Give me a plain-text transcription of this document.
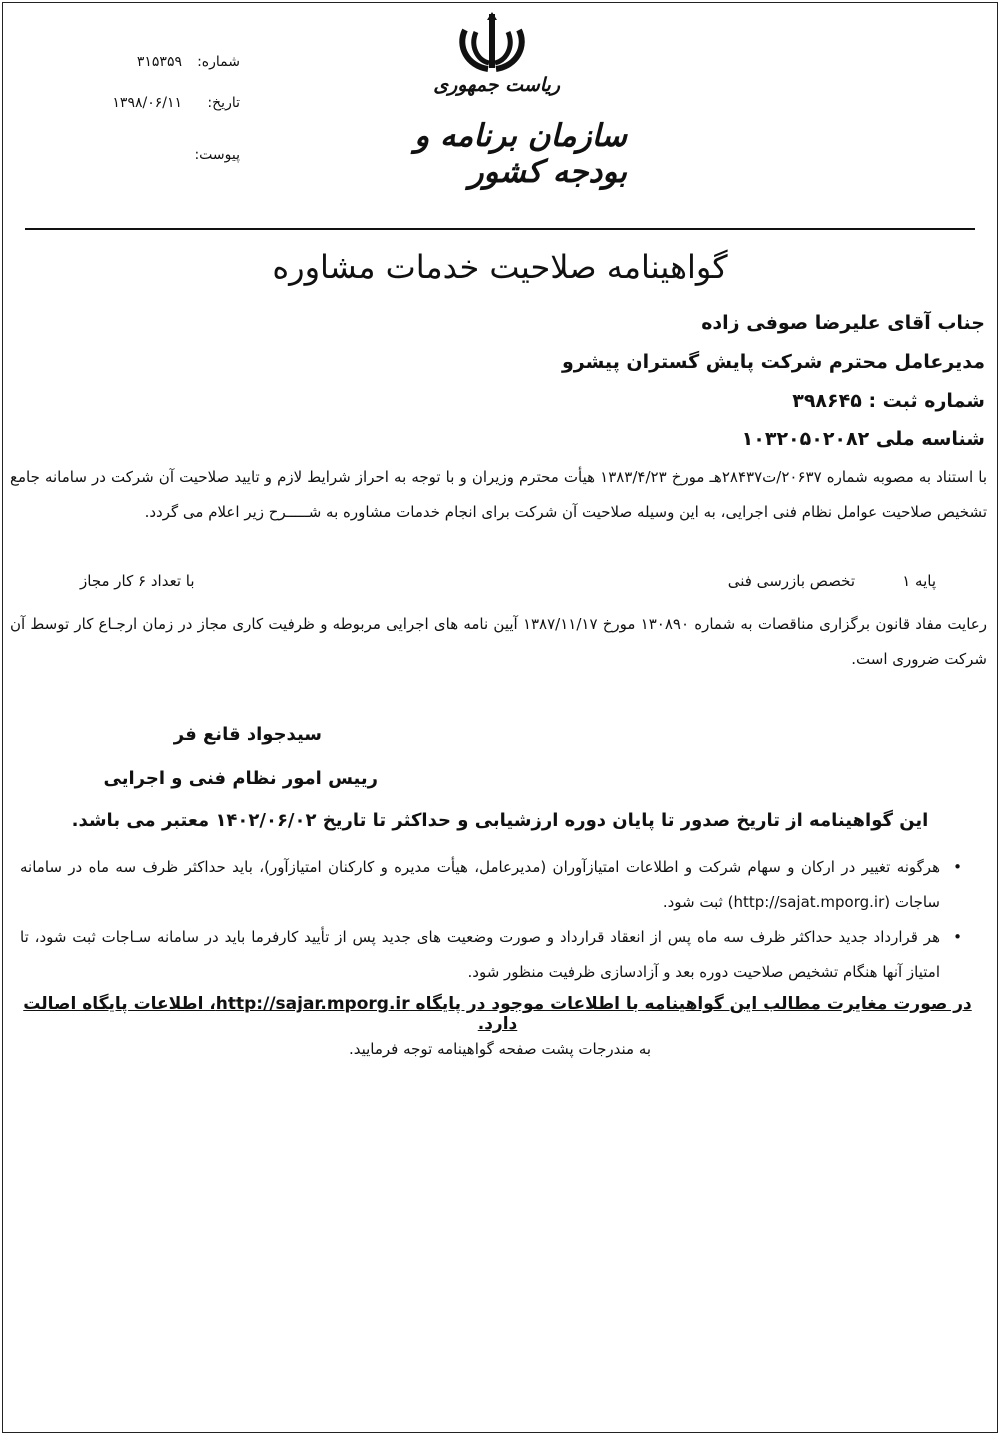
شماره:
۳۱۵۳۵۹
تاریخ:
۱۳۹۸/۰۶/۱۱
پیوست:
ریاست جمهوری
سازمان برنامه و بودجه کشور
گواهینامه صلاحیت خدمات مشاوره
جناب آقای علیرضا صوفی زاده
مدیرعامل محترم شرکت پایش گستران پیشرو
شماره ثبت : ۳۹۸۶۴۵
شناسه ملی ۱۰۳۲۰۵۰۲۰۸۲
با استناد به مصوبه شماره ۲۰۶۳۷/ت۲۸۴۳۷هـ مورخ ۱۳۸۳/۴/۲۳ هیأت محترم وزیران و با توجه به احراز شرایط لازم و تایید صلاحیت آن شرکت در سامانه جامع تشخیص صلاحیت عوامل نظام فنی اجرایی، به این وسیله صلاحیت آن شرکت برای انجام خدمات مشاوره به شـــــرح زیر اعلام می گردد.
پایه ۱
تخصص بازرسی فنی
با تعداد ۶ کار مجاز
رعایت مفاد قانون برگزاری مناقصات به شماره ۱۳۰۸۹۰ مورخ ۱۳۸۷/۱۱/۱۷ آیین نامه های اجرایی مربوطه و ظرفیت کاری مجاز در زمان ارجـاع کار توسط آن شرکت ضروری است.
سیدجواد قانع فر
رییس امور نظام فنی و اجرایی
این گواهینامه از تاریخ صدور تا پایان دوره ارزشیابی و حداکثر تا تاریخ ۱۴۰۲/۰۶/۰۲ معتبر می باشد.
•
هرگونه تغییر در ارکان و سهام شرکت و اطلاعات امتیازآوران (مدیرعامل، هیأت مدیره و کارکنان امتیازآور)، باید حداکثر ظرف سه ماه در سامانه ساجات (http://sajat.mporg.ir) ثبت شود.
•
هر قرارداد جدید حداکثر ظرف سه ماه پس از انعقاد قرارداد و صورت وضعیت های جدید پس از تأیید کارفرما باید در سامانه سـاجات ثبت شود، تا امتیاز آنها هنگام تشخیص صلاحیت دوره بعد و آزادسازی ظرفیت منظور شود.
در صورت مغایرت مطالب این گواهینامه با اطلاعات موجود در پایگاه http://sajar.mporg.ir، اطلاعات پایگاه اصالت دارد.
به مندرجات پشت صفحه گواهینامه توجه فرمایید.
